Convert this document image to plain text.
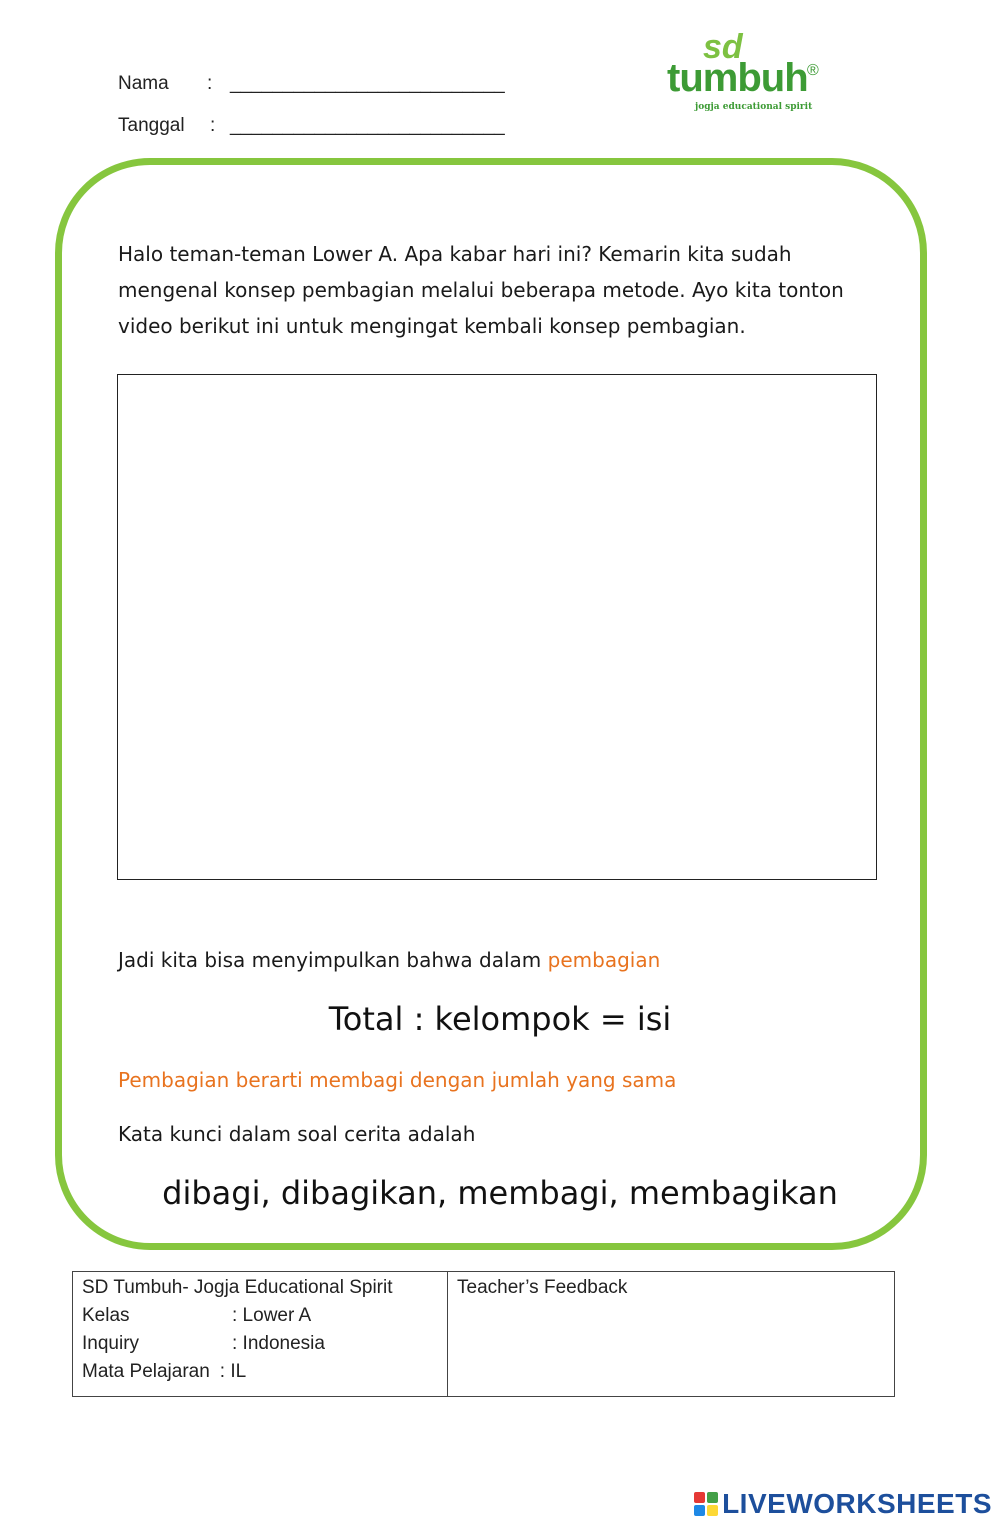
Nama : __________________________
Tanggal : __________________________
sd
tumbuh ®
jogja educational spirit
Halo teman-teman Lower A. Apa kabar hari ini? Kemarin kita sudah mengenal konsep pembagian melalui beberapa metode. Ayo kita tonton video berikut ini untuk mengingat kembali konsep pembagian.
Jadi kita bisa menyimpulkan bahwa dalam pembagian
Total : kelompok = isi
Pembagian berarti membagi dengan jumlah yang sama
Kata kunci dalam soal cerita adalah
dibagi, dibagikan, membagi, membagikan
SD Tumbuh- Jogja Educational Spirit
Kelas	: Lower A
Inquiry	: Indonesia
Mata Pelajaran : IL

Teacher’s Feedback
LIVEWORKSHEETS
